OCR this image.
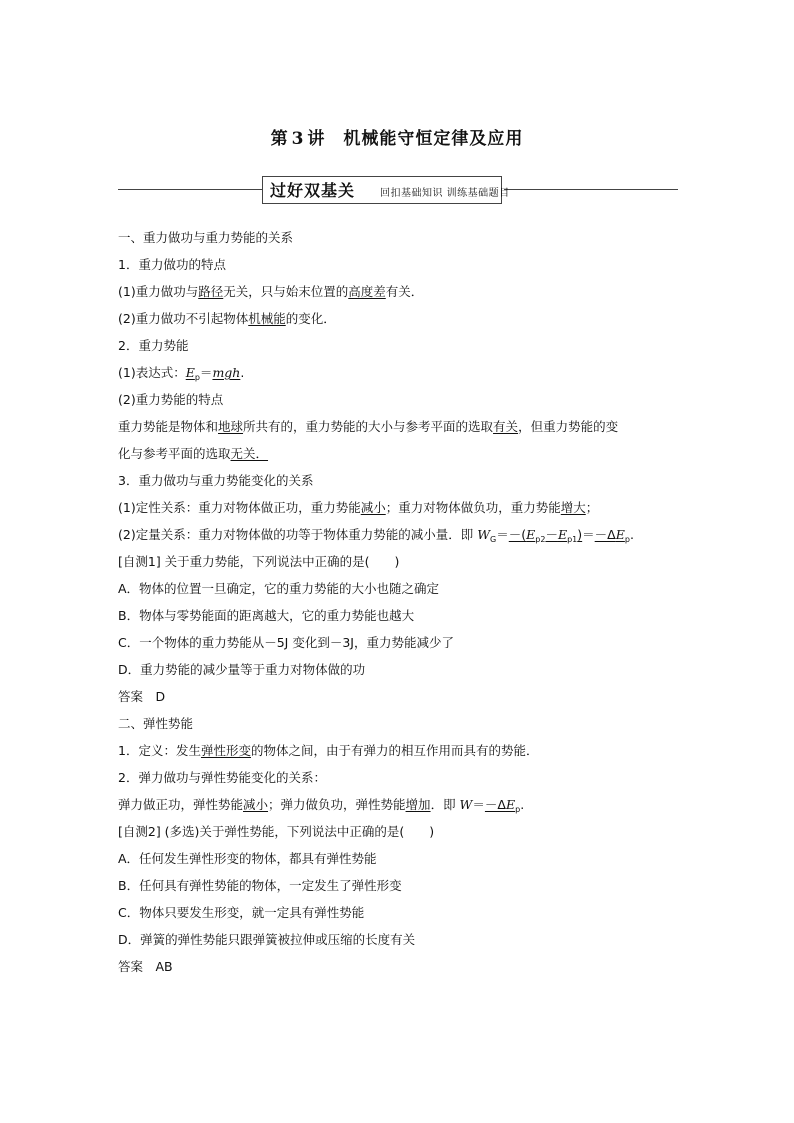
第 3 讲 机械能守恒定律及应用
过好双基关 回扣基础知识 训练基础题目
一、重力做功与重力势能的关系
1．重力做功的特点
(1)重力做功与路径无关，只与始末位置的高度差有关．
(2)重力做功不引起物体机械能的变化．
2．重力势能
(1)表达式：$E_p=mgh$.
(2)重力势能的特点
重力势能是物体和地球所共有的，重力势能的大小与参考平面的选取有关，但重力势能的变
化与参考平面的选取无关．
3．重力做功与重力势能变化的关系
(1)定性关系：重力对物体做正功，重力势能减小；重力对物体做负功，重力势能增大；
(2)定量关系：重力对物体做的功等于物体重力势能的减小量．即 $W_G=-(E_{p2}-E_{p1})=-\Delta E_p$.
[自测1] 关于重力势能，下列说法中正确的是(　　)
A．物体的位置一旦确定，它的重力势能的大小也随之确定
B．物体与零势能面的距离越大，它的重力势能也越大
C．一个物体的重力势能从－5J 变化到－3J，重力势能减少了
D．重力势能的减少量等于重力对物体做的功
答案　D
二、弹性势能
1．定义：发生弹性形变的物体之间，由于有弹力的相互作用而具有的势能．
2．弹力做功与弹性势能变化的关系：
弹力做正功，弹性势能减小；弹力做负功，弹性势能增加．即 $W=-\Delta E_p$.
[自测2] (多选)关于弹性势能，下列说法中正确的是(　　)
A．任何发生弹性形变的物体，都具有弹性势能
B．任何具有弹性势能的物体，一定发生了弹性形变
C．物体只要发生形变，就一定具有弹性势能
D．弹簧的弹性势能只跟弹簧被拉伸或压缩的长度有关
答案　AB
